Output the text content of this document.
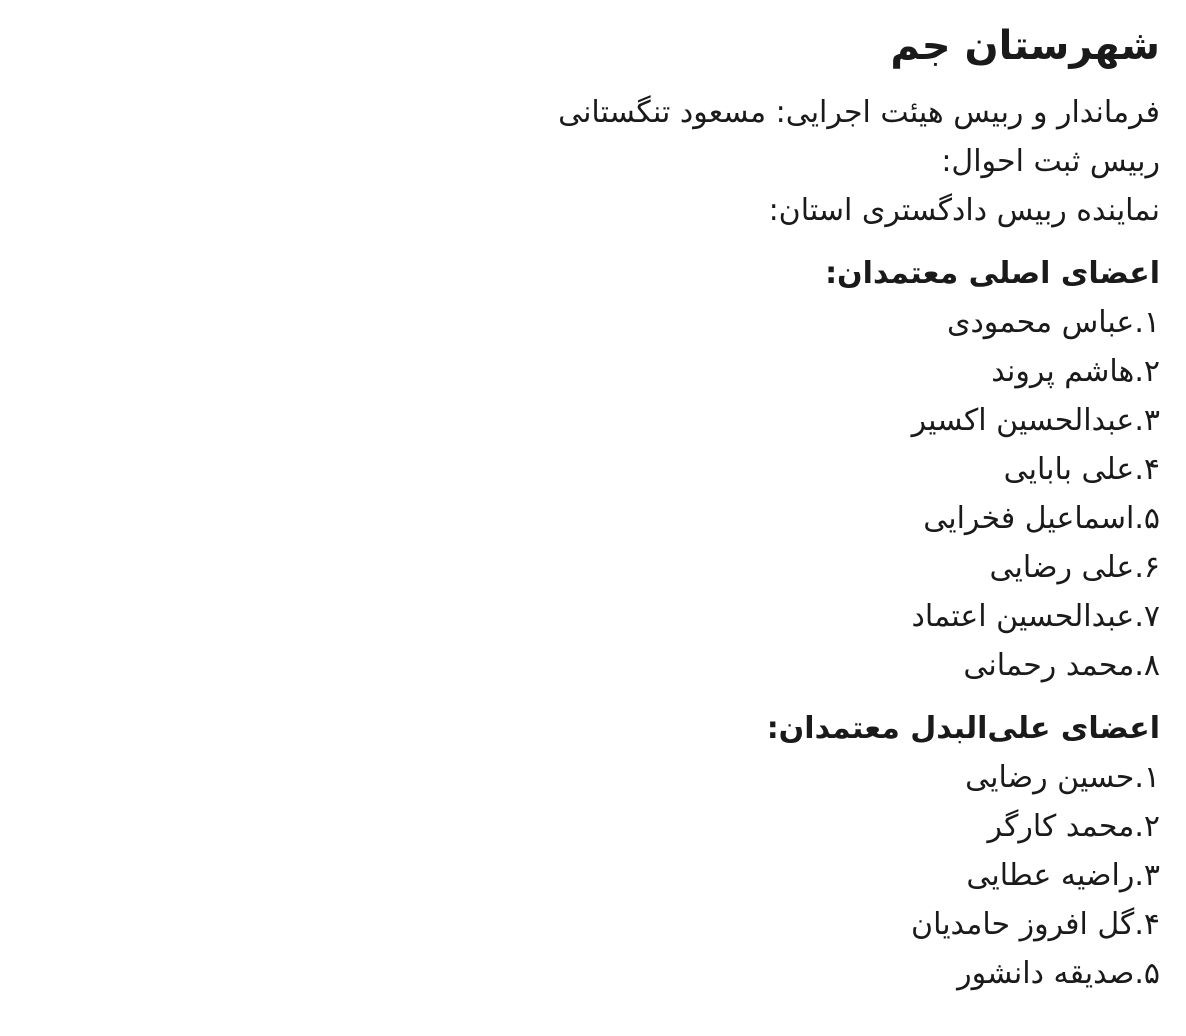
شهرستان جم

فرماندار و ربیس هیئت اجرایی: مسعود تنگستانی

ربیس ثبت احوال:

نماینده ربیس دادگستری استان:

اعضای اصلی معتمدان:
۱.عباس محمودی
۲.هاشم پروند
۳.عبدالحسین اکسیر
۴.علی بابایی
۵.اسماعیل فخرایی
۶.علی رضایی
۷.عبدالحسین اعتماد
۸.محمد رحمانی
اعضای علی‌البدل معتمدان:
۱.حسین رضایی
۲.محمد کارگر
۳.راضیه عطایی
۴.گل افروز حامدیان
۵.صدیقه دانشور
